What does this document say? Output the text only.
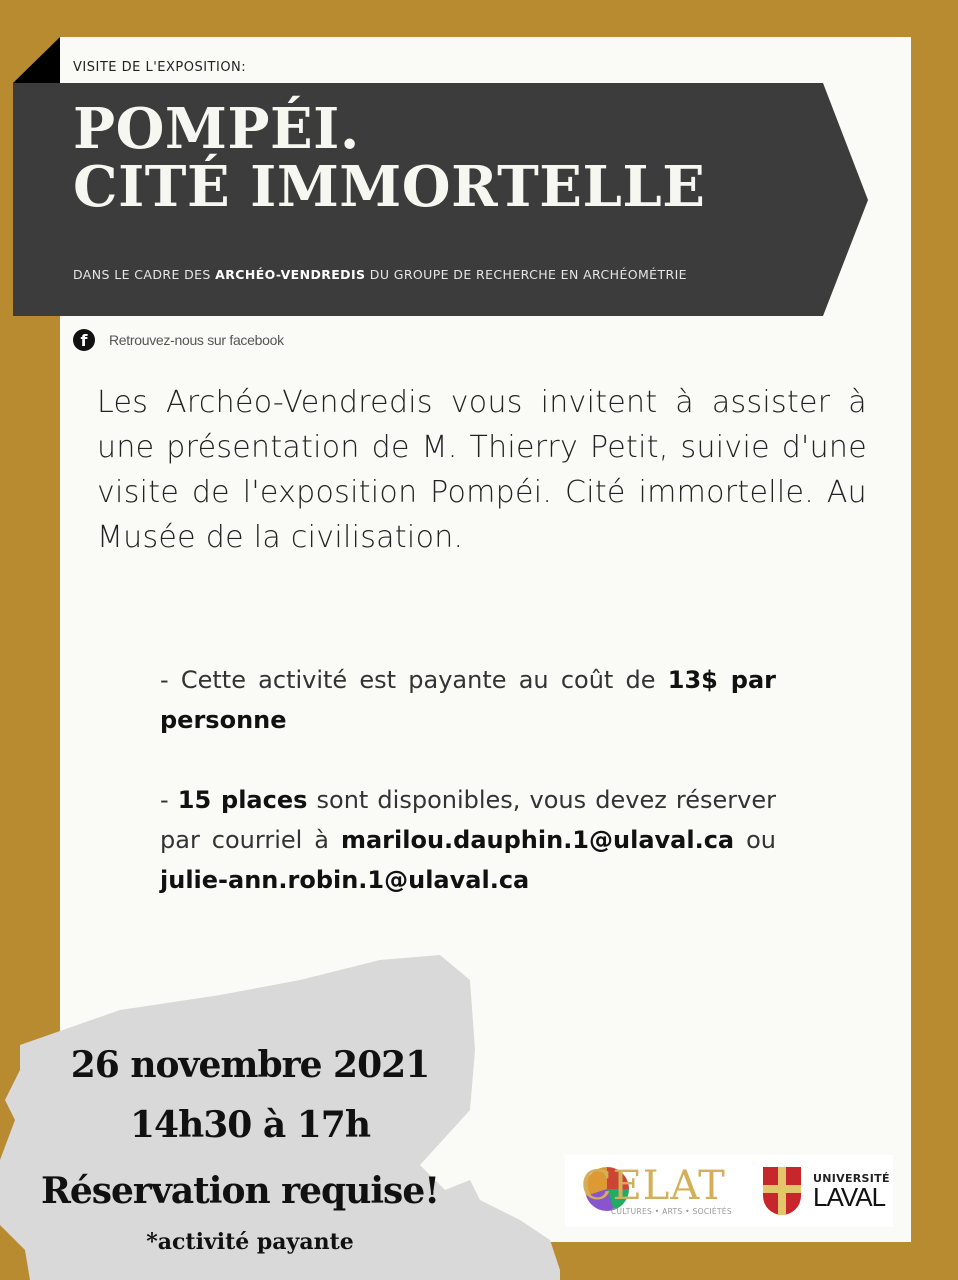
VISITE DE L'EXPOSITION:
POMPÉI.
CITÉ IMMORTELLE
DANS LE CADRE DES ARCHÉO-VENDREDIS DU GROUPE DE RECHERCHE EN ARCHÉOMÉTRIE
f	Retrouvez-nous sur facebook
Les Archéo-Vendredis vous invitent à assister à une présentation de M. Thierry Petit, suivie d'une visite de l'exposition Pompéi. Cité immortelle. Au Musée de la civilisation.

- Cette activité est payante au coût de 13$ par personne

- 15 places sont disponibles, vous devez réserver par courriel à marilou.dauphin.1@ulaval.ca ou julie-ann.robin.1@ulaval.ca

26 novembre 2021
14h30 à 17h
Réservation requise!
*activité payante
CELAT
CULTURES • ARTS • SOCIÉTÉS
UNIVERSITÉ
LAVAL
